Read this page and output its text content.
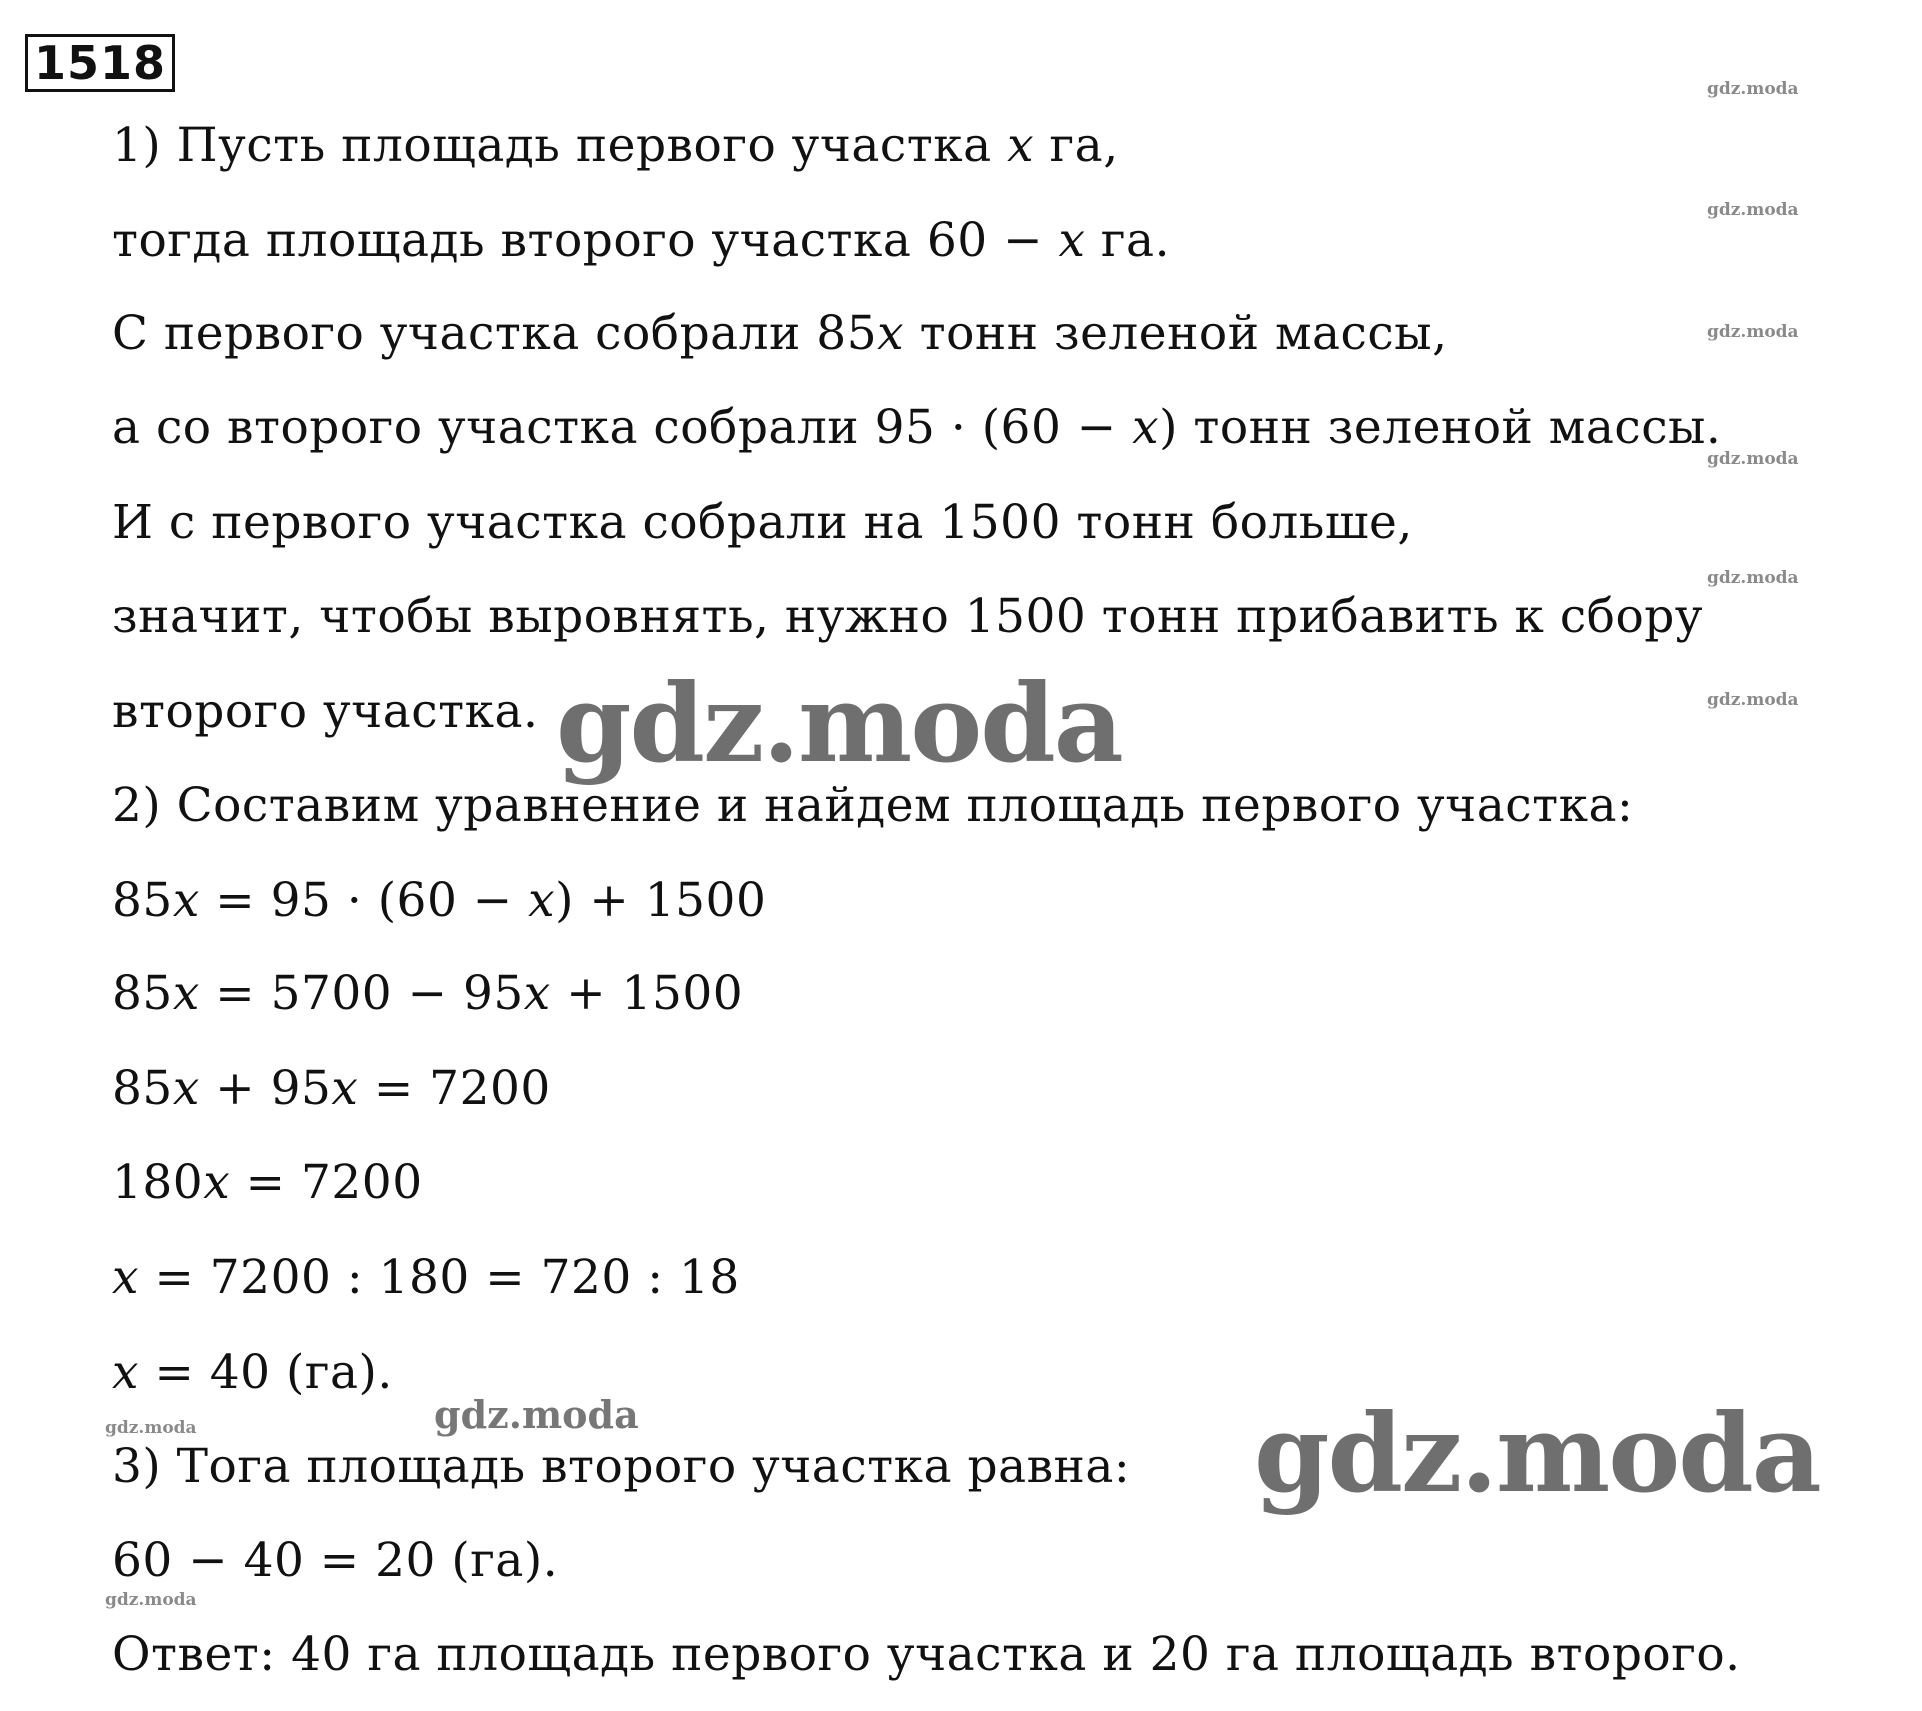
1518
1) Пусть площадь первого участка x га,
тогда площадь второго участка 60 − x га.
С первого участка собрали 85x тонн зеленой массы,
а со второго участка собрали 95 · (60 − x) тонн зеленой массы.
И с первого участка собрали на 1500 тонн больше,
значит, чтобы выровнять, нужно 1500 тонн прибавить к сбору
второго участка.
2) Составим уравнение и найдем площадь первого участка:
85x = 95 · (60 − x) + 1500
85x = 5700 − 95x + 1500
85x + 95x = 7200
180x = 7200
x = 7200 : 180 = 720 : 18
x = 40 (га).
3) Тога площадь второго участка равна:
60 − 40 = 20 (га).
Ответ: 40 га площадь первого участка и 20 га площадь второго.
gdz.moda
gdz.moda
gdz.moda
gdz.moda
gdz.moda
gdz.moda
gdz.moda
gdz.moda
gdz.moda
gdz.moda
gdz.moda
